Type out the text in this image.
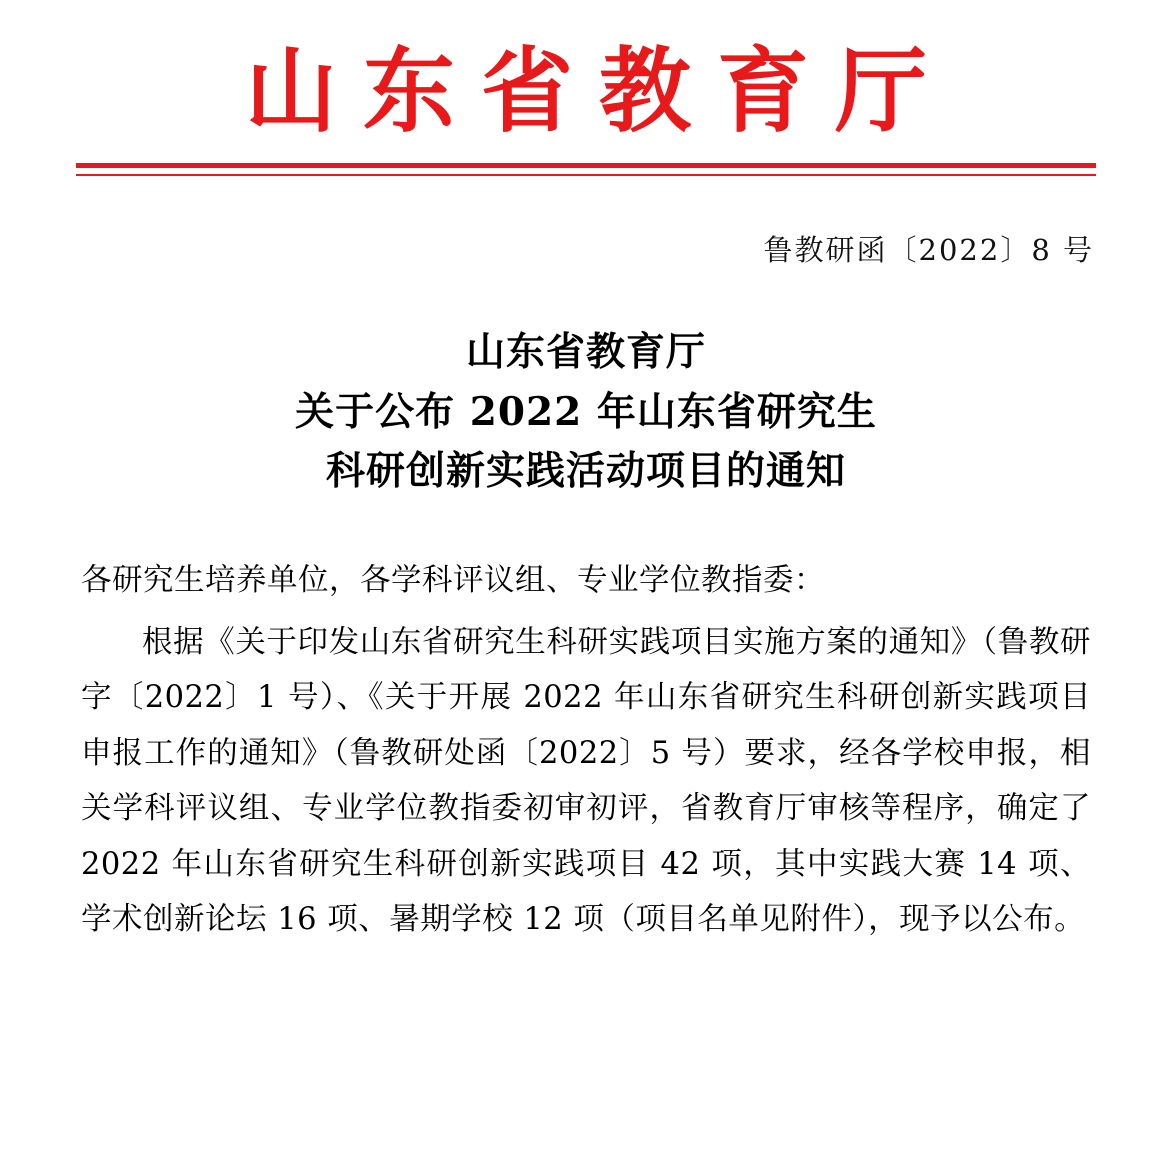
山东省教育厅
鲁教研函〔2022〕8 号
山东省教育厅
关于公布 2022 年山东省研究生
科研创新实践活动项目的通知

各研究生培养单位，各学科评议组、专业学位教指委：

根据《关于印发山东省研究生科研实践项目实施方案的通知》（鲁教研字〔2022〕1 号）、《关于开展 2022 年山东省研究生科研创新实践项目申报工作的通知》（鲁教研处函〔2022〕5 号）要求，经各学校申报，相关学科评议组、专业学位教指委初审初评，省教育厅审核等程序，确定了 2022 年山东省研究生科研创新实践项目 42 项，其中实践大赛 14 项、学术创新论坛 16 项、暑期学校 12 项（项目名单见附件），现予以公布。
